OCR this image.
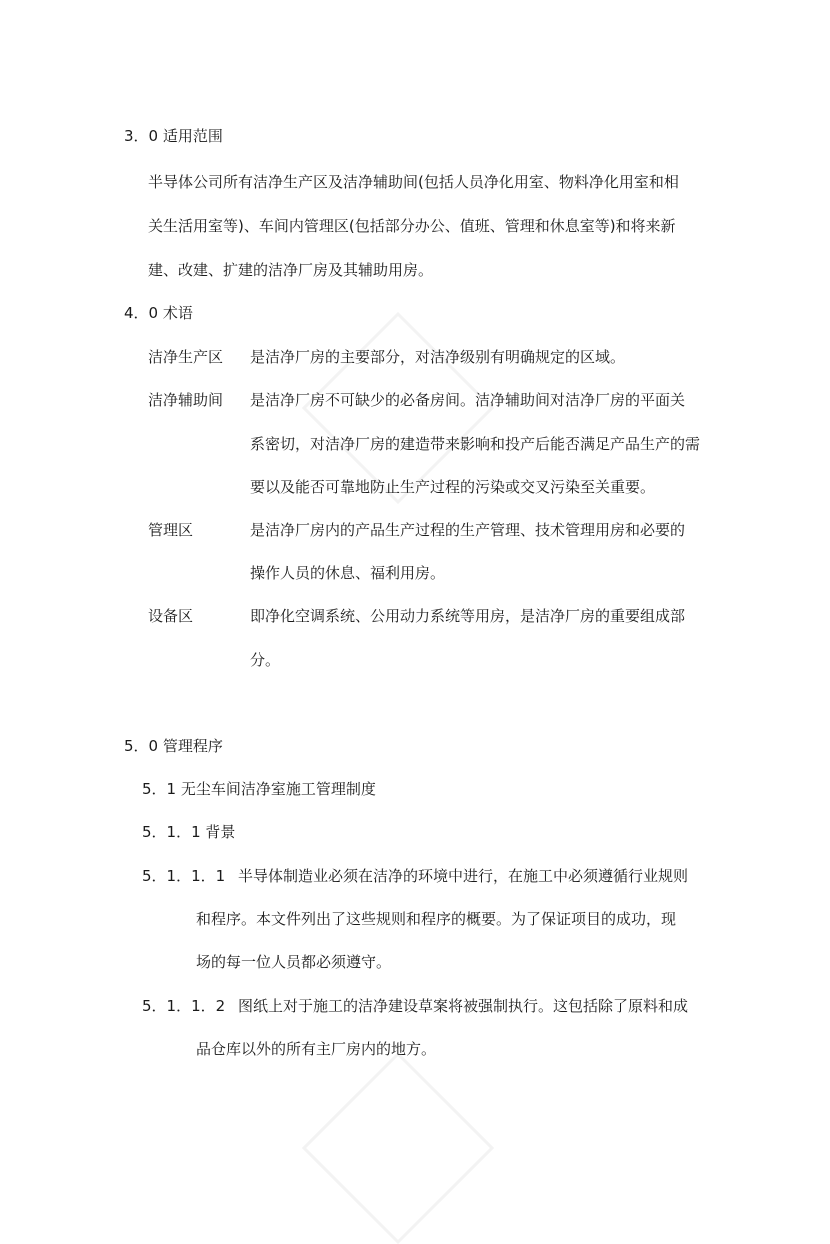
3．0 适用范围
半导体公司所有洁净生产区及洁净辅助间(包括人员净化用室、物料净化用室和相
关生活用室等)、车间内管理区(包括部分办公、值班、管理和休息室等)和将来新
建、改建、扩建的洁净厂房及其辅助用房。
4．0 术语
洁净生产区 是洁净厂房的主要部分，对洁净级别有明确规定的区域。
洁净辅助间 是洁净厂房不可缺少的必备房间。洁净辅助间对洁净厂房的平面关
系密切，对洁净厂房的建造带来影响和投产后能否满足产品生产的需
要以及能否可靠地防止生产过程的污染或交叉污染至关重要。
管理区	是洁净厂房内的产品生产过程的生产管理、技术管理用房和必要的
操作人员的休息、福利用房。
设备区	即净化空调系统、公用动力系统等用房，是洁净厂房的重要组成部
分。
5．0 管理程序
5．1 无尘车间洁净室施工管理制度
5．1．1 背景
5．1．1．1 半导体制造业必须在洁净的环境中进行，在施工中必须遵循行业规则
和程序。本文件列出了这些规则和程序的概要。为了保证项目的成功，现
场的每一位人员都必须遵守。
5．1．1．2 图纸上对于施工的洁净建设草案将被强制执行。这包括除了原料和成
品仓库以外的所有主厂房内的地方。
